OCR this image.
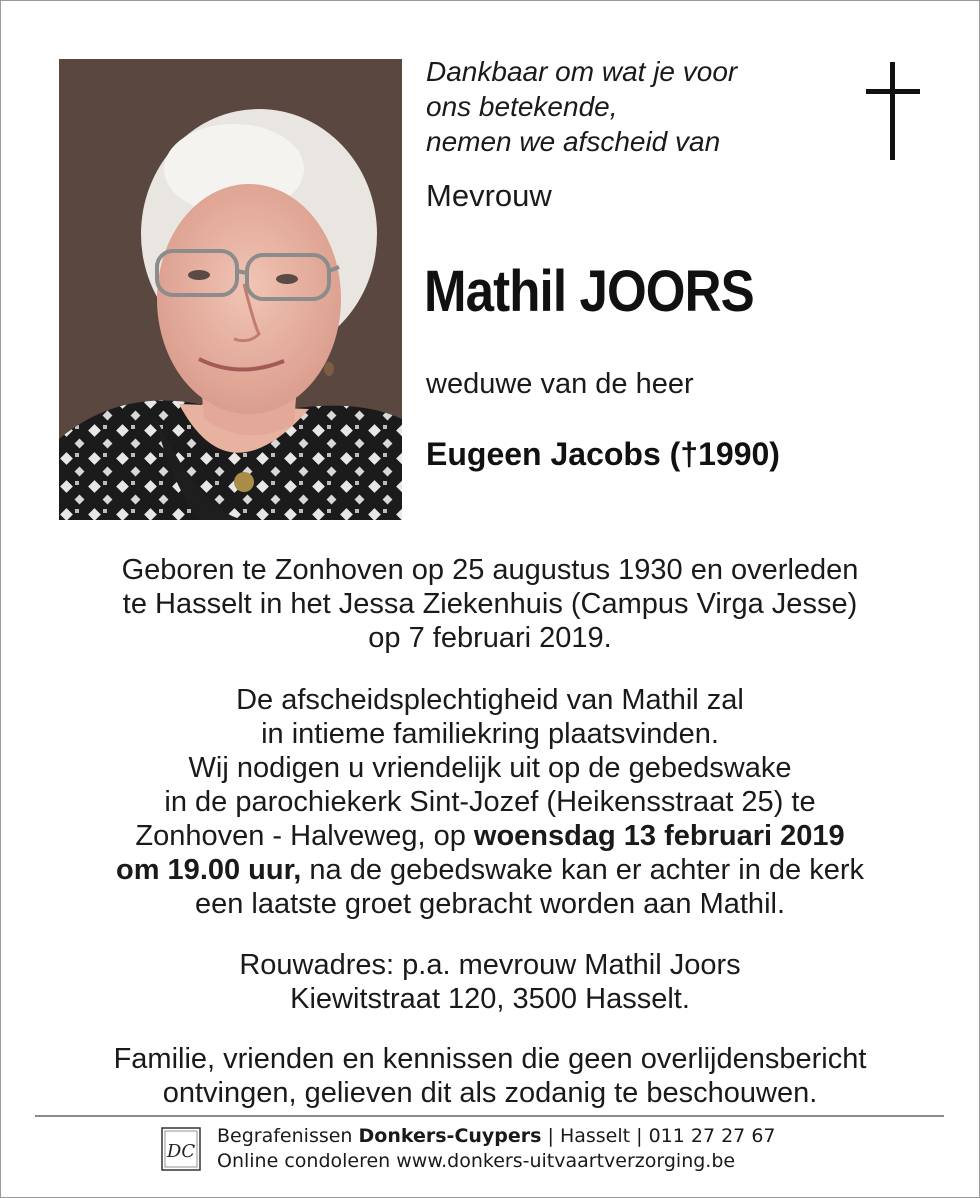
Dankbaar om wat je voor
ons betekende,
nemen we afscheid van
Mevrouw
Mathil JOORS
weduwe van de heer
Eugeen Jacobs (†1990)
Geboren te Zonhoven op 25 augustus 1930 en overleden
te Hasselt in het Jessa Ziekenhuis (Campus Virga Jesse)
op 7 februari 2019.
De afscheidsplechtigheid van Mathil zal
in intieme familiekring plaatsvinden.
Wij nodigen u vriendelijk uit op de gebedswake
in de parochiekerk Sint-Jozef (Heikensstraat 25) te
Zonhoven - Halveweg, op woensdag 13 februari 2019
om 19.00 uur, na de gebedswake kan er achter in de kerk
een laatste groet gebracht worden aan Mathil.
Rouwadres: p.a. mevrouw Mathil Joors
Kiewitstraat 120, 3500 Hasselt.
Familie, vrienden en kennissen die geen overlijdensbericht
ontvingen, gelieven dit als zodanig te beschouwen.
DC
Begrafenissen Donkers-Cuypers | Hasselt | 011 27 27 67
Online condoleren www.donkers-uitvaartverzorging.be
